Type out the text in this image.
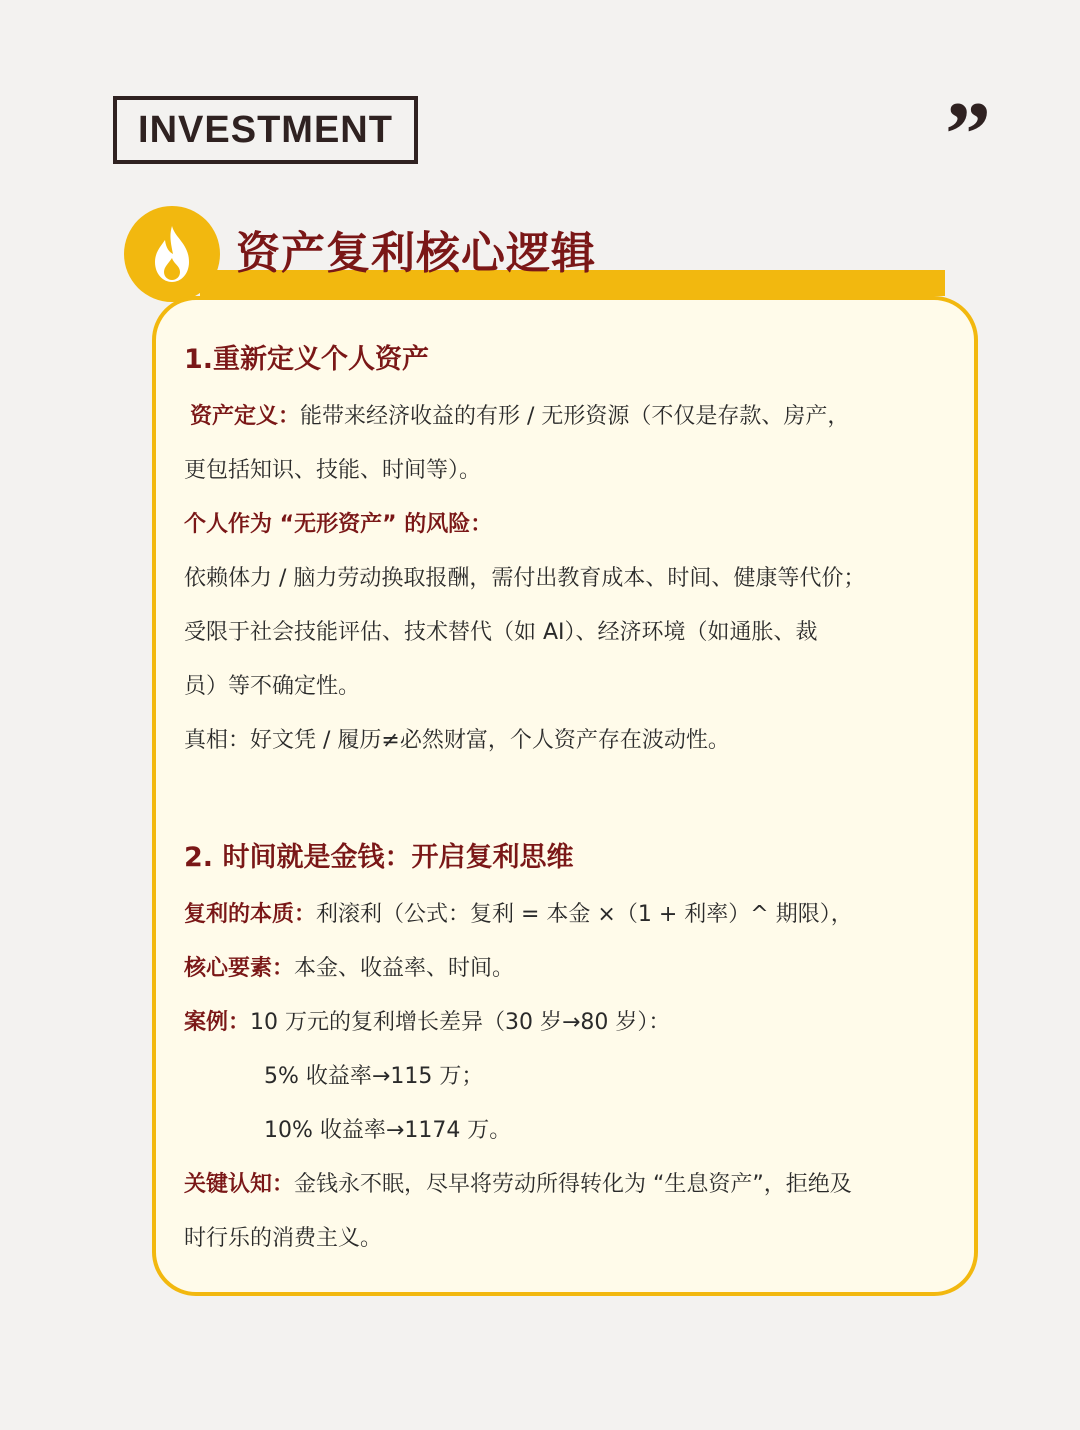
INVESTMENT	”
资产复利核心逻辑
1.重新定义个人资产
资产定义：能带来经济收益的有形 / 无形资源（不仅是存款、房产，
更包括知识、技能、时间等）。
个人作为 “无形资产” 的风险：
依赖体力 / 脑力劳动换取报酬，需付出教育成本、时间、健康等代价；
受限于社会技能评估、技术替代（如 AI）、经济环境（如通胀、裁
员）等不确定性。
真相：好文凭 / 履历≠必然财富，个人资产存在波动性。
2. 时间就是金钱：开启复利思维
复利的本质：利滚利（公式：复利 = 本金 ×（1 + 利率）^ 期限），
核心要素：本金、收益率、时间。
案例：10 万元的复利增长差异（30 岁→80 岁）：
5% 收益率→115 万；
10% 收益率→1174 万。
关键认知：金钱永不眠，尽早将劳动所得转化为 “生息资产”，拒绝及
时行乐的消费主义。
